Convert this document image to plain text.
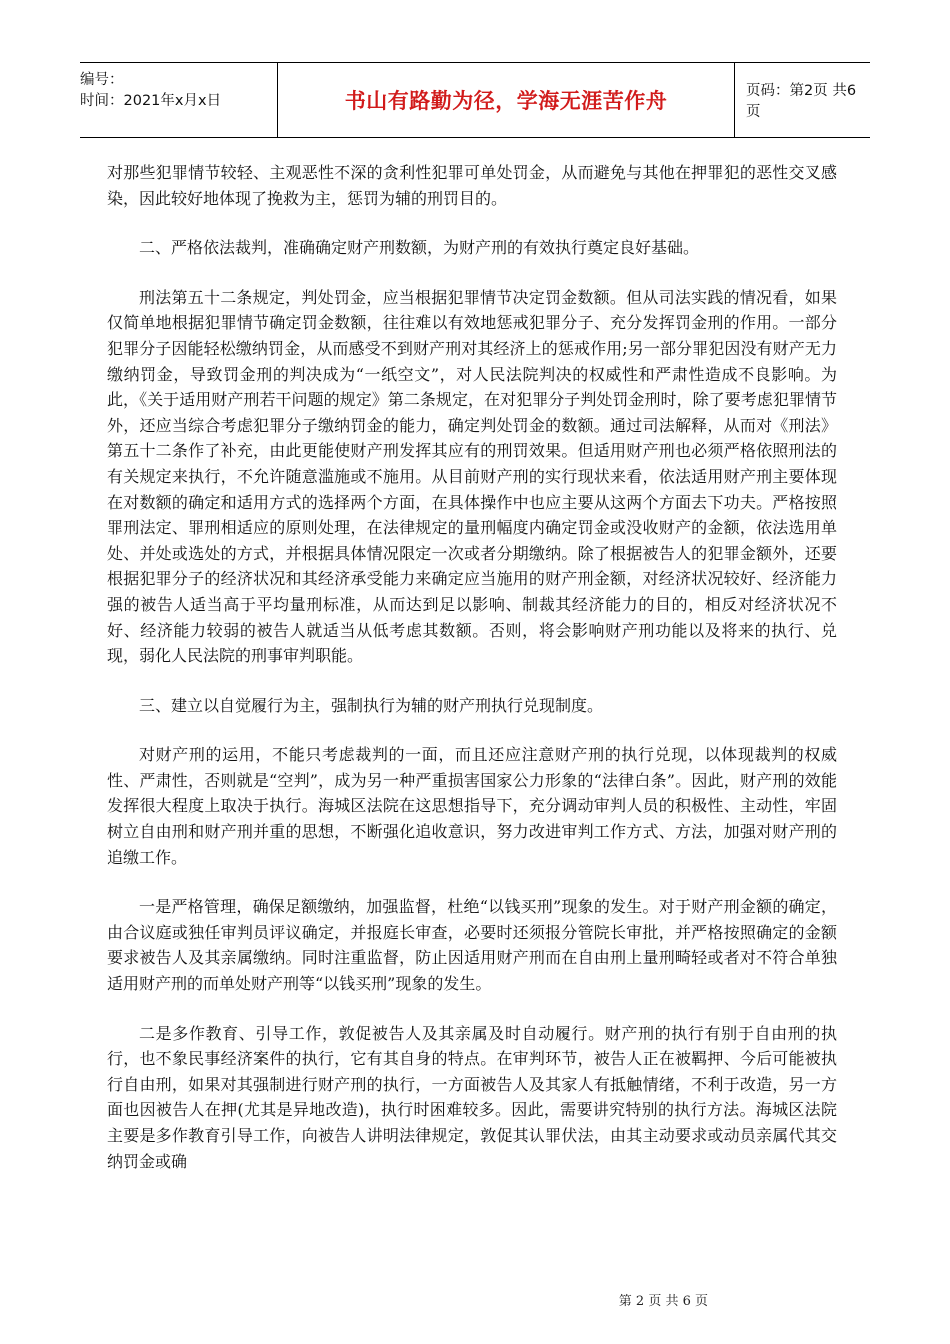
编号：
时间：2021年x月x日	书山有路勤为径，学海无涯苦作舟	页码：第2页 共6页

对那些犯罪情节较轻、主观恶性不深的贪利性犯罪可单处罚金，从而避免与其他在押罪犯的恶性交叉感染，因此较好地体现了挽救为主，惩罚为辅的刑罚目的。

二、严格依法裁判，准确确定财产刑数额，为财产刑的有效执行奠定良好基础。

刑法第五十二条规定，判处罚金，应当根据犯罪情节决定罚金数额。但从司法实践的情况看，如果仅简单地根据犯罪情节确定罚金数额，往往难以有效地惩戒犯罪分子、充分发挥罚金刑的作用。一部分犯罪分子因能轻松缴纳罚金，从而感受不到财产刑对其经济上的惩戒作用;另一部分罪犯因没有财产无力缴纳罚金，导致罚金刑的判决成为“一纸空文”，对人民法院判决的权威性和严肃性造成不良影响。为此，《关于适用财产刑若干问题的规定》第二条规定，在对犯罪分子判处罚金刑时，除了要考虑犯罪情节外，还应当综合考虑犯罪分子缴纳罚金的能力，确定判处罚金的数额。通过司法解释，从而对《刑法》第五十二条作了补充，由此更能使财产刑发挥其应有的刑罚效果。但适用财产刑也必须严格依照刑法的有关规定来执行，不允许随意滥施或不施用。从目前财产刑的实行现状来看，依法适用财产刑主要体现在对数额的确定和适用方式的选择两个方面，在具体操作中也应主要从这两个方面去下功夫。严格按照罪刑法定、罪刑相适应的原则处理，在法律规定的量刑幅度内确定罚金或没收财产的金额，依法选用单处、并处或选处的方式，并根据具体情况限定一次或者分期缴纳。除了根据被告人的犯罪金额外，还要根据犯罪分子的经济状况和其经济承受能力来确定应当施用的财产刑金额，对经济状况较好、经济能力强的被告人适当高于平均量刑标准，从而达到足以影响、制裁其经济能力的目的，相反对经济状况不好、经济能力较弱的被告人就适当从低考虑其数额。否则，将会影响财产刑功能以及将来的执行、兑现，弱化人民法院的刑事审判职能。

三、建立以自觉履行为主，强制执行为辅的财产刑执行兑现制度。

对财产刑的运用，不能只考虑裁判的一面，而且还应注意财产刑的执行兑现，以体现裁判的权威性、严肃性，否则就是“空判”，成为另一种严重损害国家公力形象的“法律白条”。因此，财产刑的效能发挥很大程度上取决于执行。海城区法院在这思想指导下，充分调动审判人员的积极性、主动性，牢固树立自由刑和财产刑并重的思想，不断强化追收意识，努力改进审判工作方式、方法，加强对财产刑的追缴工作。

一是严格管理，确保足额缴纳，加强监督，杜绝“以钱买刑”现象的发生。对于财产刑金额的确定，由合议庭或独任审判员评议确定，并报庭长审查，必要时还须报分管院长审批，并严格按照确定的金额要求被告人及其亲属缴纳。同时注重监督，防止因适用财产刑而在自由刑上量刑畸轻或者对不符合单独适用财产刑的而单处财产刑等“以钱买刑”现象的发生。

二是多作教育、引导工作，敦促被告人及其亲属及时自动履行。财产刑的执行有别于自由刑的执行，也不象民事经济案件的执行，它有其自身的特点。在审判环节，被告人正在被羁押、今后可能被执行自由刑，如果对其强制进行财产刑的执行，一方面被告人及其家人有抵触情绪，不利于改造，另一方面也因被告人在押(尤其是异地改造)，执行时困难较多。因此，需要讲究特别的执行方法。海城区法院主要是多作教育引导工作，向被告人讲明法律规定，敦促其认罪伏法，由其主动要求或动员亲属代其交纳罚金或确

第 2 页 共 6 页
